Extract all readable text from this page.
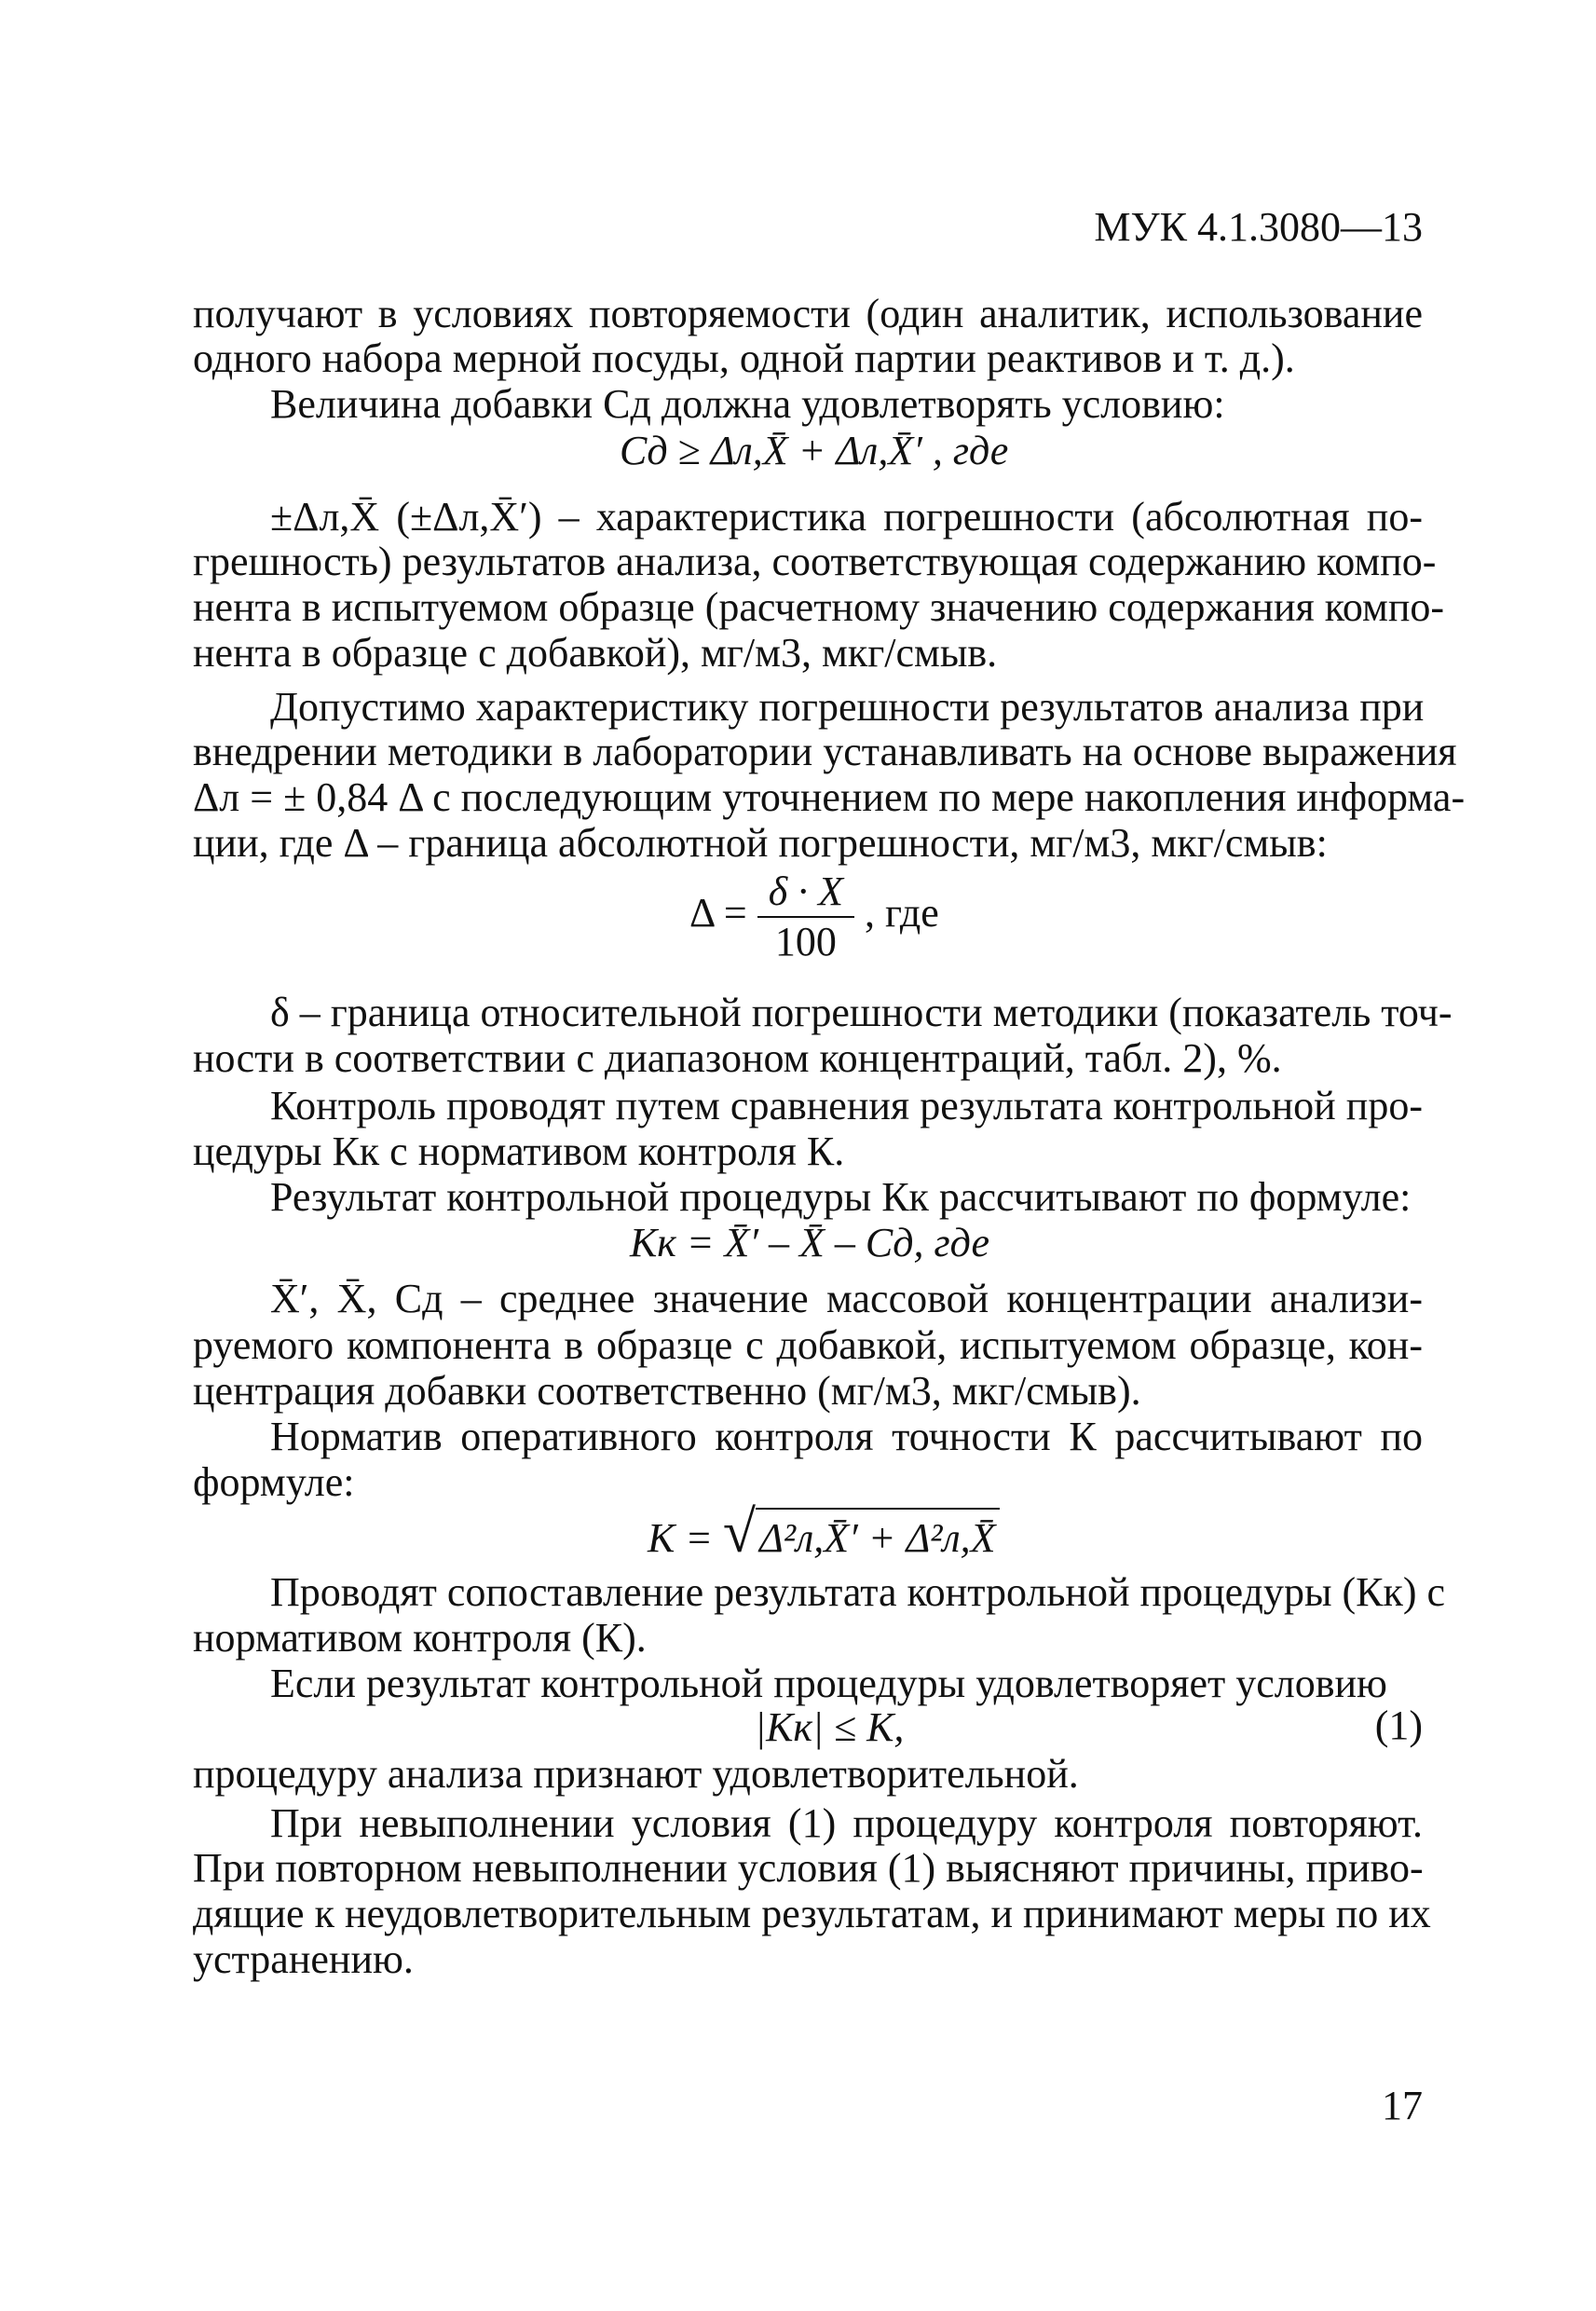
МУК 4.1.3080—13
получают в условиях повторяемости (один аналитик, использование
одного набора мерной посуды, одной партии реактивов и т. д.).
Величина добавки Сд должна удовлетворять условию:
Сд ≥ Δл,X̄ + Δл,X̄′ , где
±Δл,X̄ (±Δл,X̄′) – характеристика погрешности (абсолютная по-
грешность) результатов анализа, соответствующая содержанию компо-
нента в испытуемом образце (расчетному значению содержания компо-
нента в образце с добавкой), мг/м3, мкг/смыв.
Допустимо характеристику погрешности результатов анализа при
внедрении методики в лаборатории устанавливать на основе выражения
Δл = ± 0,84 Δ с последующим уточнением по мере накопления информа-
ции, где Δ – граница абсолютной погрешности, мг/м3, мкг/смыв:
$\Delta = \frac{\delta \cdot X}{100}$ , где
δ – граница относительной погрешности методики (показатель точ-
ности в соответствии с диапазоном концентраций, табл. 2), %.
Контроль проводят путем сравнения результата контрольной про-
цедуры Кк с нормативом контроля К.
Результат контрольной процедуры Кк рассчитывают по формуле:
Кк = X̄′ – X̄ – Сд, где
X̄′, X̄, Сд – среднее значение массовой концентрации анализи-
руемого компонента в образце с добавкой, испытуемом образце, кон-
центрация добавки соответственно (мг/м3, мкг/смыв).
Норматив оперативного контроля точности К рассчитывают по
формуле:
К = √Δ²л,X̄′ + Δ²л,X̄
Проводят сопоставление результата контрольной процедуры (Кк) с
нормативом контроля (К).
Если результат контрольной процедуры удовлетворяет условию
|Кк| ≤ К,	(1)
процедуру анализа признают удовлетворительной.
При невыполнении условия (1) процедуру контроля повторяют.
При повторном невыполнении условия (1) выясняют причины, приво-
дящие к неудовлетворительным результатам, и принимают меры по их
устранению.
17
